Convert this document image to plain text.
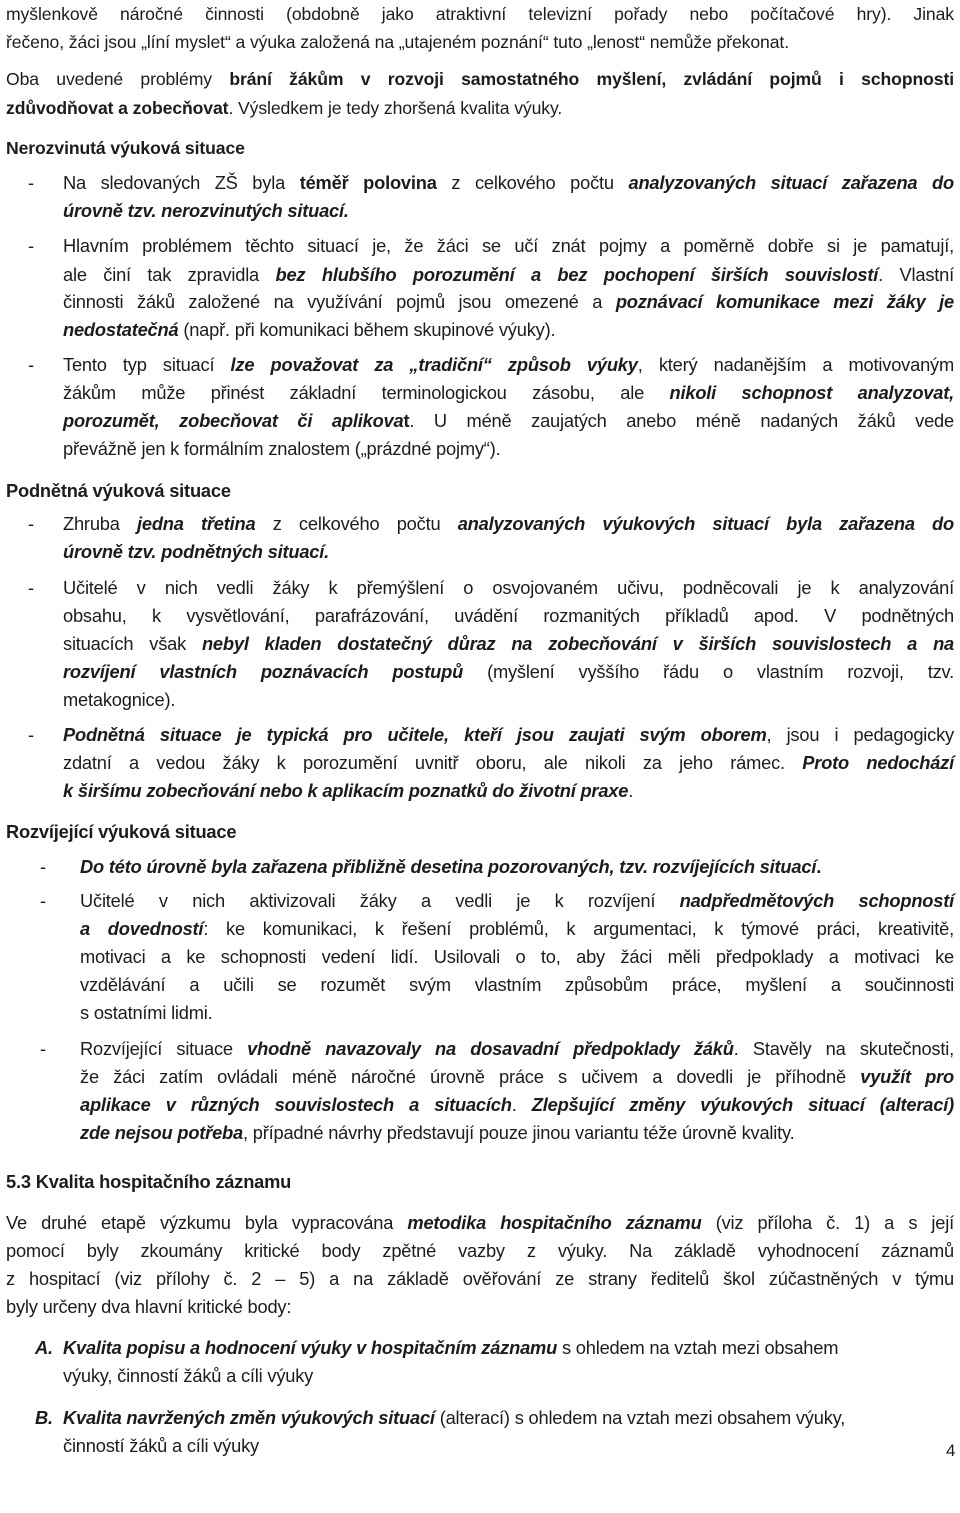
4
myšlenkově náročné činnosti (obdobně jako atraktivní televizní pořady nebo počítačové hry). Jinak
řečeno, žáci jsou „líní myslet“ a výuka založená na „utajeném poznání“ tuto „lenost“ nemůže překonat.
Oba uvedené problémy brání žákům v rozvoji samostatného myšlení, zvládání pojmů i schopnosti
zdůvodňovat a zobecňovat. Výsledkem je tedy zhoršená kvalita výuky.
Nerozvinutá výuková situace
- Na sledovaných ZŠ byla téměř polovina z celkového počtu analyzovaných situací zařazena do
úrovně tzv. nerozvinutých situací.
- Hlavním problémem těchto situací je, že žáci se učí znát pojmy a poměrně dobře si je pamatují,
ale činí tak zpravidla bez hlubšího porozumění a bez pochopení širších souvislostí. Vlastní
činnosti žáků založené na využívání pojmů jsou omezené a poznávací komunikace mezi žáky je
nedostatečná (např. při komunikaci během skupinové výuky).
- Tento typ situací lze považovat za „tradiční“ způsob výuky, který nadanějším a motivovaným
žákům může přinést základní terminologickou zásobu, ale nikoli schopnost analyzovat,
porozumět, zobecňovat či aplikovat. U méně zaujatých anebo méně nadaných žáků vede
převážně jen k formálním znalostem („prázdné pojmy“).
Podnětná výuková situace
- Zhruba jedna třetina z celkového počtu analyzovaných výukových situací byla zařazena do
úrovně tzv. podnětných situací.
- Učitelé v nich vedli žáky k přemýšlení o osvojovaném učivu, podněcovali je k analyzování
obsahu, k vysvětlování, parafrázování, uvádění rozmanitých příkladů apod. V podnětných
situacích však nebyl kladen dostatečný důraz na zobecňování v širších souvislostech a na
rozvíjení vlastních poznávacích postupů (myšlení vyššího řádu o vlastním rozvoji, tzv.
metakognice).
- Podnětná situace je typická pro učitele, kteří jsou zaujati svým oborem, jsou i pedagogicky
zdatní a vedou žáky k porozumění uvnitř oboru, ale nikoli za jeho rámec. Proto nedochází
k širšímu zobecňování nebo k aplikacím poznatků do životní praxe.
Rozvíjející výuková situace
- Do této úrovně byla zařazena přibližně desetina pozorovaných, tzv. rozvíjejících situací.
- Učitelé v nich aktivizovali žáky a vedli je k rozvíjení nadpředmětových schopností
a dovedností: ke komunikaci, k řešení problémů, k argumentaci, k týmové práci, kreativitě,
motivaci a ke schopnosti vedení lidí. Usilovali o to, aby žáci měli předpoklady a motivaci ke
vzdělávání a učili se rozumět svým vlastním způsobům práce, myšlení a součinnosti
s ostatními lidmi.
- Rozvíjející situace vhodně navazovaly na dosavadní předpoklady žáků. Stavěly na skutečnosti,
že žáci zatím ovládali méně náročné úrovně práce s učivem a dovedli je příhodně využít pro
aplikace v různých souvislostech a situacích. Zlepšující změny výukových situací (alterací)
zde nejsou potřeba, případné návrhy představují pouze jinou variantu téže úrovně kvality.
5.3 Kvalita hospitačního záznamu
Ve druhé etapě výzkumu byla vypracována metodika hospitačního záznamu (viz příloha č. 1) a s její
pomocí byly zkoumány kritické body zpětné vazby z výuky. Na základě vyhodnocení záznamů
z hospitací (viz přílohy č. 2 – 5) a na základě ověřování ze strany ředitelů škol zúčastněných v týmu
byly určeny dva hlavní kritické body:
A. Kvalita popisu a hodnocení výuky v hospitačním záznamu s ohledem na vztah mezi obsahem
výuky, činností žáků a cíli výuky
B. Kvalita navržených změn výukových situací (alterací) s ohledem na vztah mezi obsahem výuky,
činností žáků a cíli výuky
